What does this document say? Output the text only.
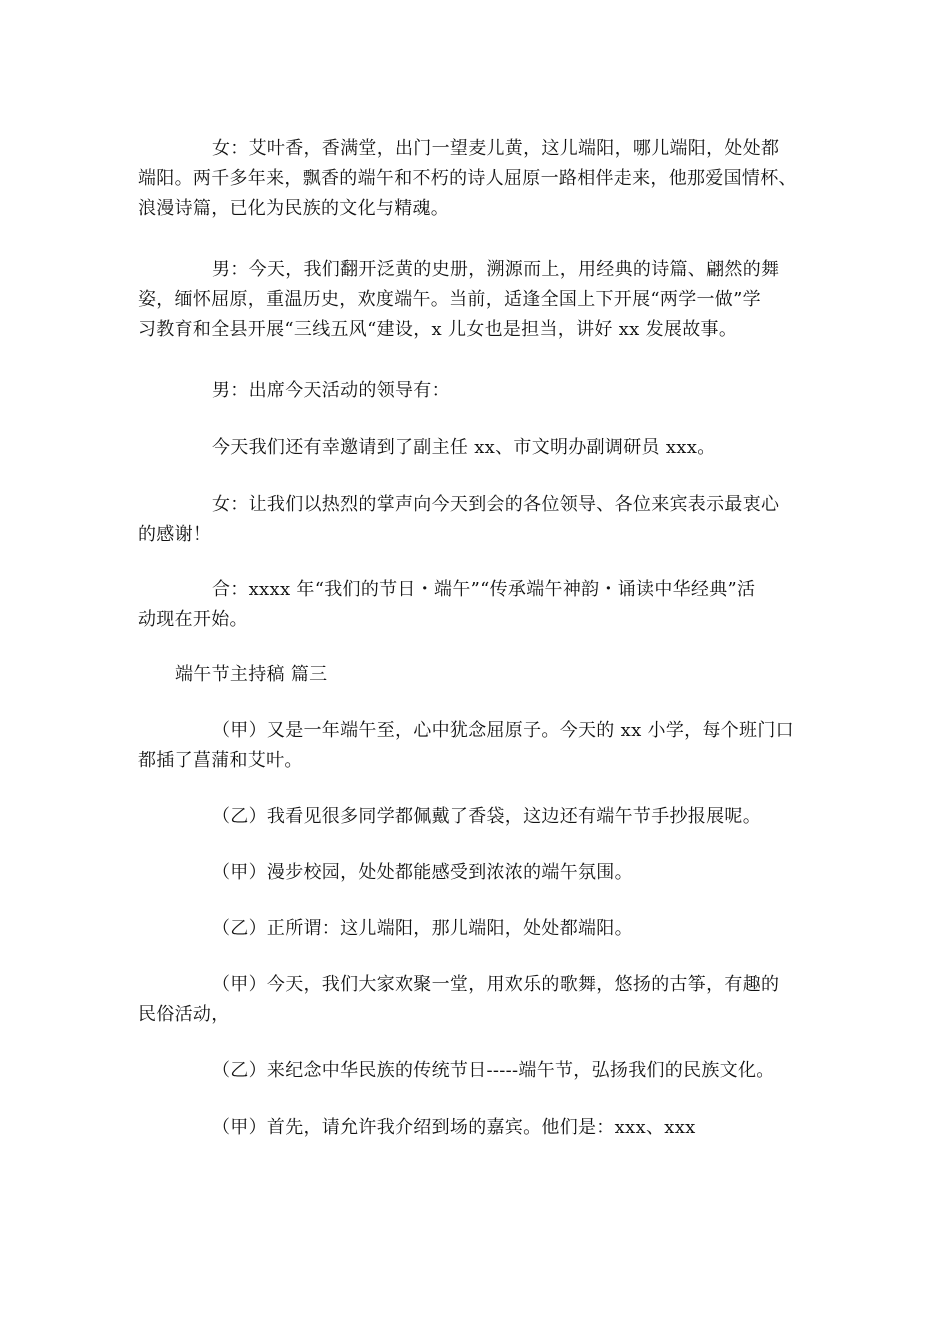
女：艾叶香，香满堂，出门一望麦儿黄，这儿端阳，哪儿端阳，处处都
端阳。两千多年来，飘香的端午和不朽的诗人屈原一路相伴走来，他那爱国情杯、
浪漫诗篇，已化为民族的文化与精魂。

男：今天，我们翻开泛黄的史册，溯源而上，用经典的诗篇、翩然的舞
姿，缅怀屈原，重温历史，欢度端午。当前，适逢全国上下开展“两学一做”学
习教育和全县开展“三线五风“建设，x 儿女也是担当，讲好 xx 发展故事。

男：出席今天活动的领导有：

今天我们还有幸邀请到了副主任 xx、市文明办副调研员 xxx。

女：让我们以热烈的掌声向今天到会的各位领导、各位来宾表示最衷心
的感谢！

合：xxxx 年“我们的节日・端午”“传承端午神韵・诵读中华经典”活
动现在开始。

端午节主持稿 篇三

（甲）又是一年端午至，心中犹念屈原子。今天的 xx 小学，每个班门口
都插了菖蒲和艾叶。

（乙）我看见很多同学都佩戴了香袋，这边还有端午节手抄报展呢。

（甲）漫步校园，处处都能感受到浓浓的端午氛围。

（乙）正所谓：这儿端阳，那儿端阳，处处都端阳。

（甲）今天，我们大家欢聚一堂，用欢乐的歌舞，悠扬的古筝，有趣的
民俗活动，

（乙）来纪念中华民族的传统节日-----端午节，弘扬我们的民族文化。

（甲）首先，请允许我介绍到场的嘉宾。他们是：xxx、xxx
